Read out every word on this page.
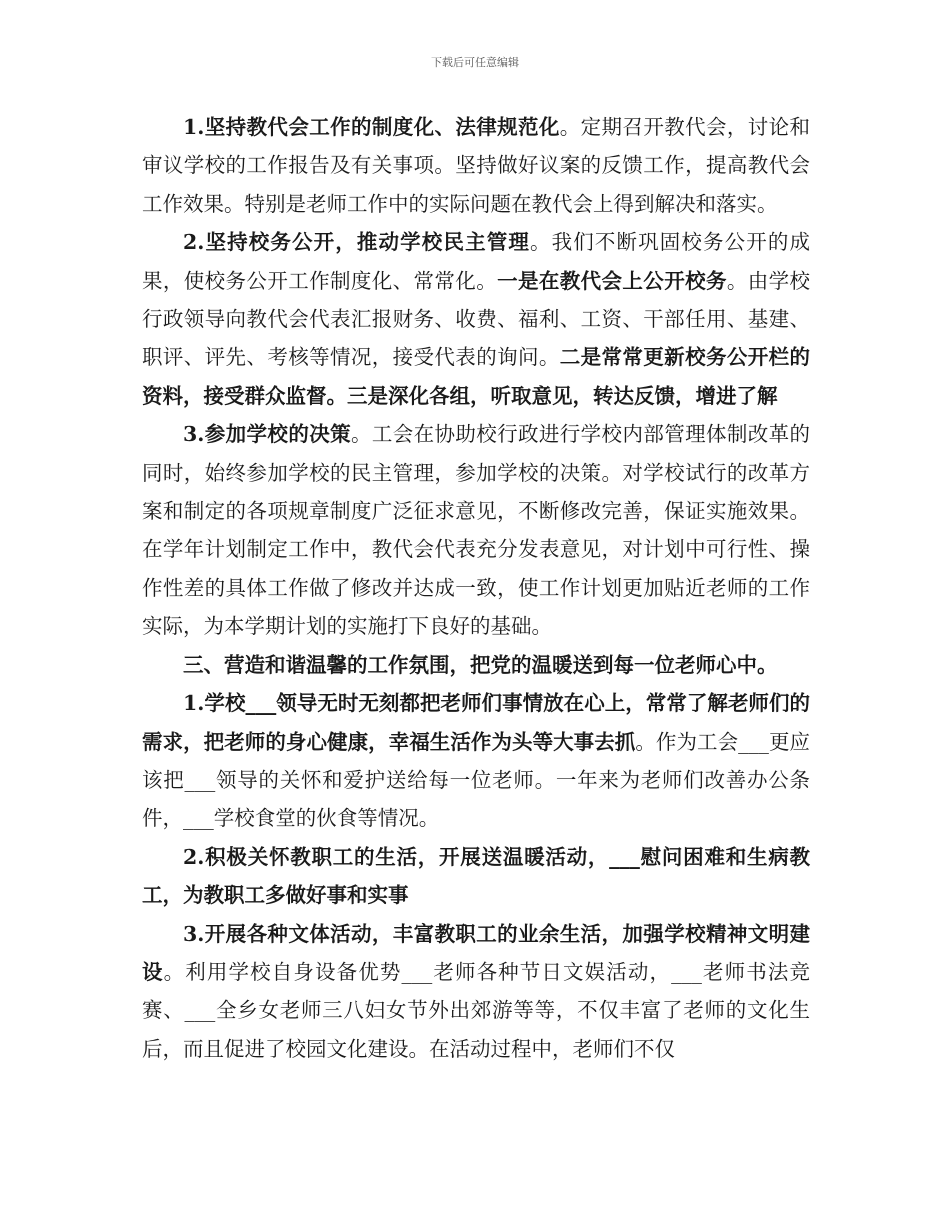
下载后可任意编辑

1.坚持教代会工作的制度化、法律规范化。定期召开教代会，讨论和审议学校的工作报告及有关事项。坚持做好议案的反馈工作，提高教代会工作效果。特别是老师工作中的实际问题在教代会上得到解决和落实。

2.坚持校务公开，推动学校民主管理。我们不断巩固校务公开的成果，使校务公开工作制度化、常常化。一是在教代会上公开校务。由学校行政领导向教代会代表汇报财务、收费、福利、工资、干部任用、基建、职评、评先、考核等情况，接受代表的询问。二是常常更新校务公开栏的资料，接受群众监督。三是深化各组，听取意见，转达反馈，增进了解

3.参加学校的决策。工会在协助校行政进行学校内部管理体制改革的同时，始终参加学校的民主管理，参加学校的决策。对学校试行的改革方案和制定的各项规章制度广泛征求意见，不断修改完善，保证实施效果。在学年计划制定工作中，教代会代表充分发表意见，对计划中可行性、操作性差的具体工作做了修改并达成一致，使工作计划更加贴近老师的工作实际，为本学期计划的实施打下良好的基础。

三、营造和谐温馨的工作氛围，把党的温暖送到每一位老师心中。

1.学校___领导无时无刻都把老师们事情放在心上，常常了解老师们的需求，把老师的身心健康，幸福生活作为头等大事去抓。作为工会___更应该把___领导的关怀和爱护送给每一位老师。一年来为老师们改善办公条件，___学校食堂的伙食等情况。

2.积极关怀教职工的生活，开展送温暖活动，___慰问困难和生病教工，为教职工多做好事和实事

3.开展各种文体活动，丰富教职工的业余生活，加强学校精神文明建设。利用学校自身设备优势___老师各种节日文娱活动，___老师书法竞赛、___全乡女老师三八妇女节外出郊游等等，不仅丰富了老师的文化生后，而且促进了校园文化建设。在活动过程中，老师们不仅
